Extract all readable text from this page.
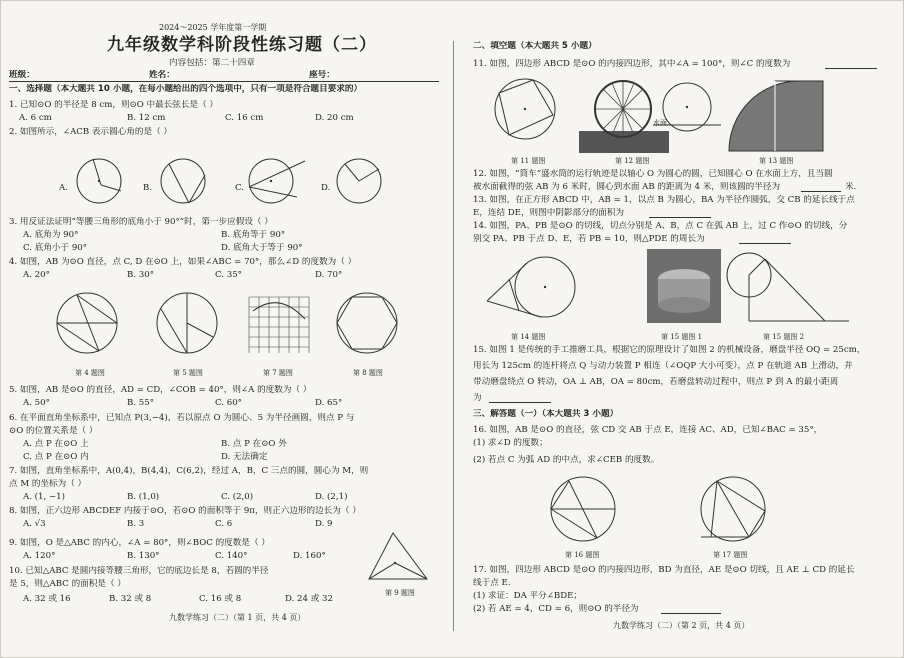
2024～2025 学年度第一学期
九年级数学科阶段性练习题（二）
内容包括：第二十四章
班级：	姓名：	座号：
一、选择题（本大题共 10 小题，在每小题给出的四个选项中，只有一项是符合题目要求的）
1. 已知⊙O 的半径是 8 cm，则⊙O 中最长弦长是（ ）
A. 6 cm	B. 12 cm	C. 16 cm	D. 20 cm
2. 如图所示，∠ACB 表示圆心角的是（ ）
A.	B.	C.	D.
3. 用反证法证明“等腰三角形的底角小于 90°”时，第一步应假设（ ）
A. 底角为 90°	B. 底角等于 90°
C. 底角小于 90°	D. 底角大于等于 90°
4. 如图，AB 为⊙O 直径，点 C, D 在⊙O 上，如果∠ABC = 70°，那么∠D 的度数为（ ）
A. 20°	B. 30°	C. 35°	D. 70°
第 4 题图	第 5 题图	第 7 题图	第 8 题图
5. 如图，AB 是⊙O 的直径，AD = CD，∠COB = 40°，则∠A 的度数为（ ）
A. 50°	B. 55°	C. 60°	D. 65°
6. 在平面直角坐标系中，已知点 P(3,−4)，若以原点 O 为圆心、5 为半径画圆，则点 P 与
⊙O 的位置关系是（ ）
A. 点 P 在⊙O 上	B. 点 P 在⊙O 外
C. 点 P 在⊙O 内	D. 无法确定
7. 如图，直角坐标系中，A(0,4)，B(4,4)，C(6,2)，经过 A，B，C 三点的圆，圆心为 M，则
点 M 的坐标为（ ）
A. (1, −1)	B. (1,0)	C. (2,0)	D. (2,1)
8. 如图，正六边形 ABCDEF 内接于⊙O，若⊙O 的面积等于 9π，则正六边形的边长为（ ）
A. √3	B. 3	C. 6	D. 9
9. 如图，O 是△ABC 的内心，∠A = 80°，则∠BOC 的度数是（ ）
A. 120°	B. 130°	C. 140°	D. 160°
10. 已知△ABC 是圆内接等腰三角形，它的底边长是 8，若圆的半径
是 5，则△ABC 的面积是（ ）
A. 32 或 16	B. 32 或 8	C. 16 或 8	D. 24 或 32
第 9 题图
九数学练习（二）（第 1 页，共 4 页）
二、填空题（本大题共 5 小题）
11. 如图，四边形 ABCD 是⊙O 的内接四边形，其中∠A = 100°，则∠C 的度数为
水面
第 11 题图	第 12 题图	第 13 题图
12. 如图，“筒车”盛水筒的运行轨迹是以轴心 O 为圆心的圆，已知圆心 O 在水面上方，且当圆
被水面截得的弦 AB 为 6 米时，圆心到水面 AB 的距离为 4 米，则该圆的半径为	米.
13. 如图，在正方形 ABCD 中，AB = 1，以点 B 为圆心，BA 为半径作圆弧，交 CB 的延长线于点
E，连结 DE，则图中阴影部分的面积为
14. 如图，PA、PB 是⊙O 的切线，切点分别是 A、B，点 C 在弧 AB 上，过 C 作⊙O 的切线，分
别交 PA、PB 于点 D、E，若 PB = 10，则△PDE 的周长为
第 14 题图	第 15 题图 1	第 15 题图 2
15. 如图 1 是传统的手工推磨工具，根据它的原理设计了如图 2 的机械设备，磨盘半径 OQ = 25cm，
用长为 125cm 的连杆将点 Q 与动力装置 P 相连（∠OQP 大小可变），点 P 在轨道 AB 上滑动，并
带动磨盘绕点 O 转动，OA ⊥ AB，OA = 80cm，若磨盘转动过程中，则点 P 到 A 的最小距离
为
三、解答题（一）（本大题共 3 小题）
16. 如图，AB 是⊙O 的直径，弦 CD 交 AB 于点 E，连接 AC、AD，已知∠BAC = 35°，
(1) 求∠D 的度数；
(2) 若点 C 为弧 AD 的中点，求∠CEB 的度数。
第 16 题图	第 17 题图
17. 如图，四边形 ABCD 是⊙O 的内接四边形，BD 为直径，AE 是⊙O 切线，且 AE ⊥ CD 的延长
线于点 E.
(1) 求证：DA 平分∠BDE；
(2) 若 AE = 4，CD = 6，则⊙O 的半径为
九数学练习（二）（第 2 页，共 4 页）
